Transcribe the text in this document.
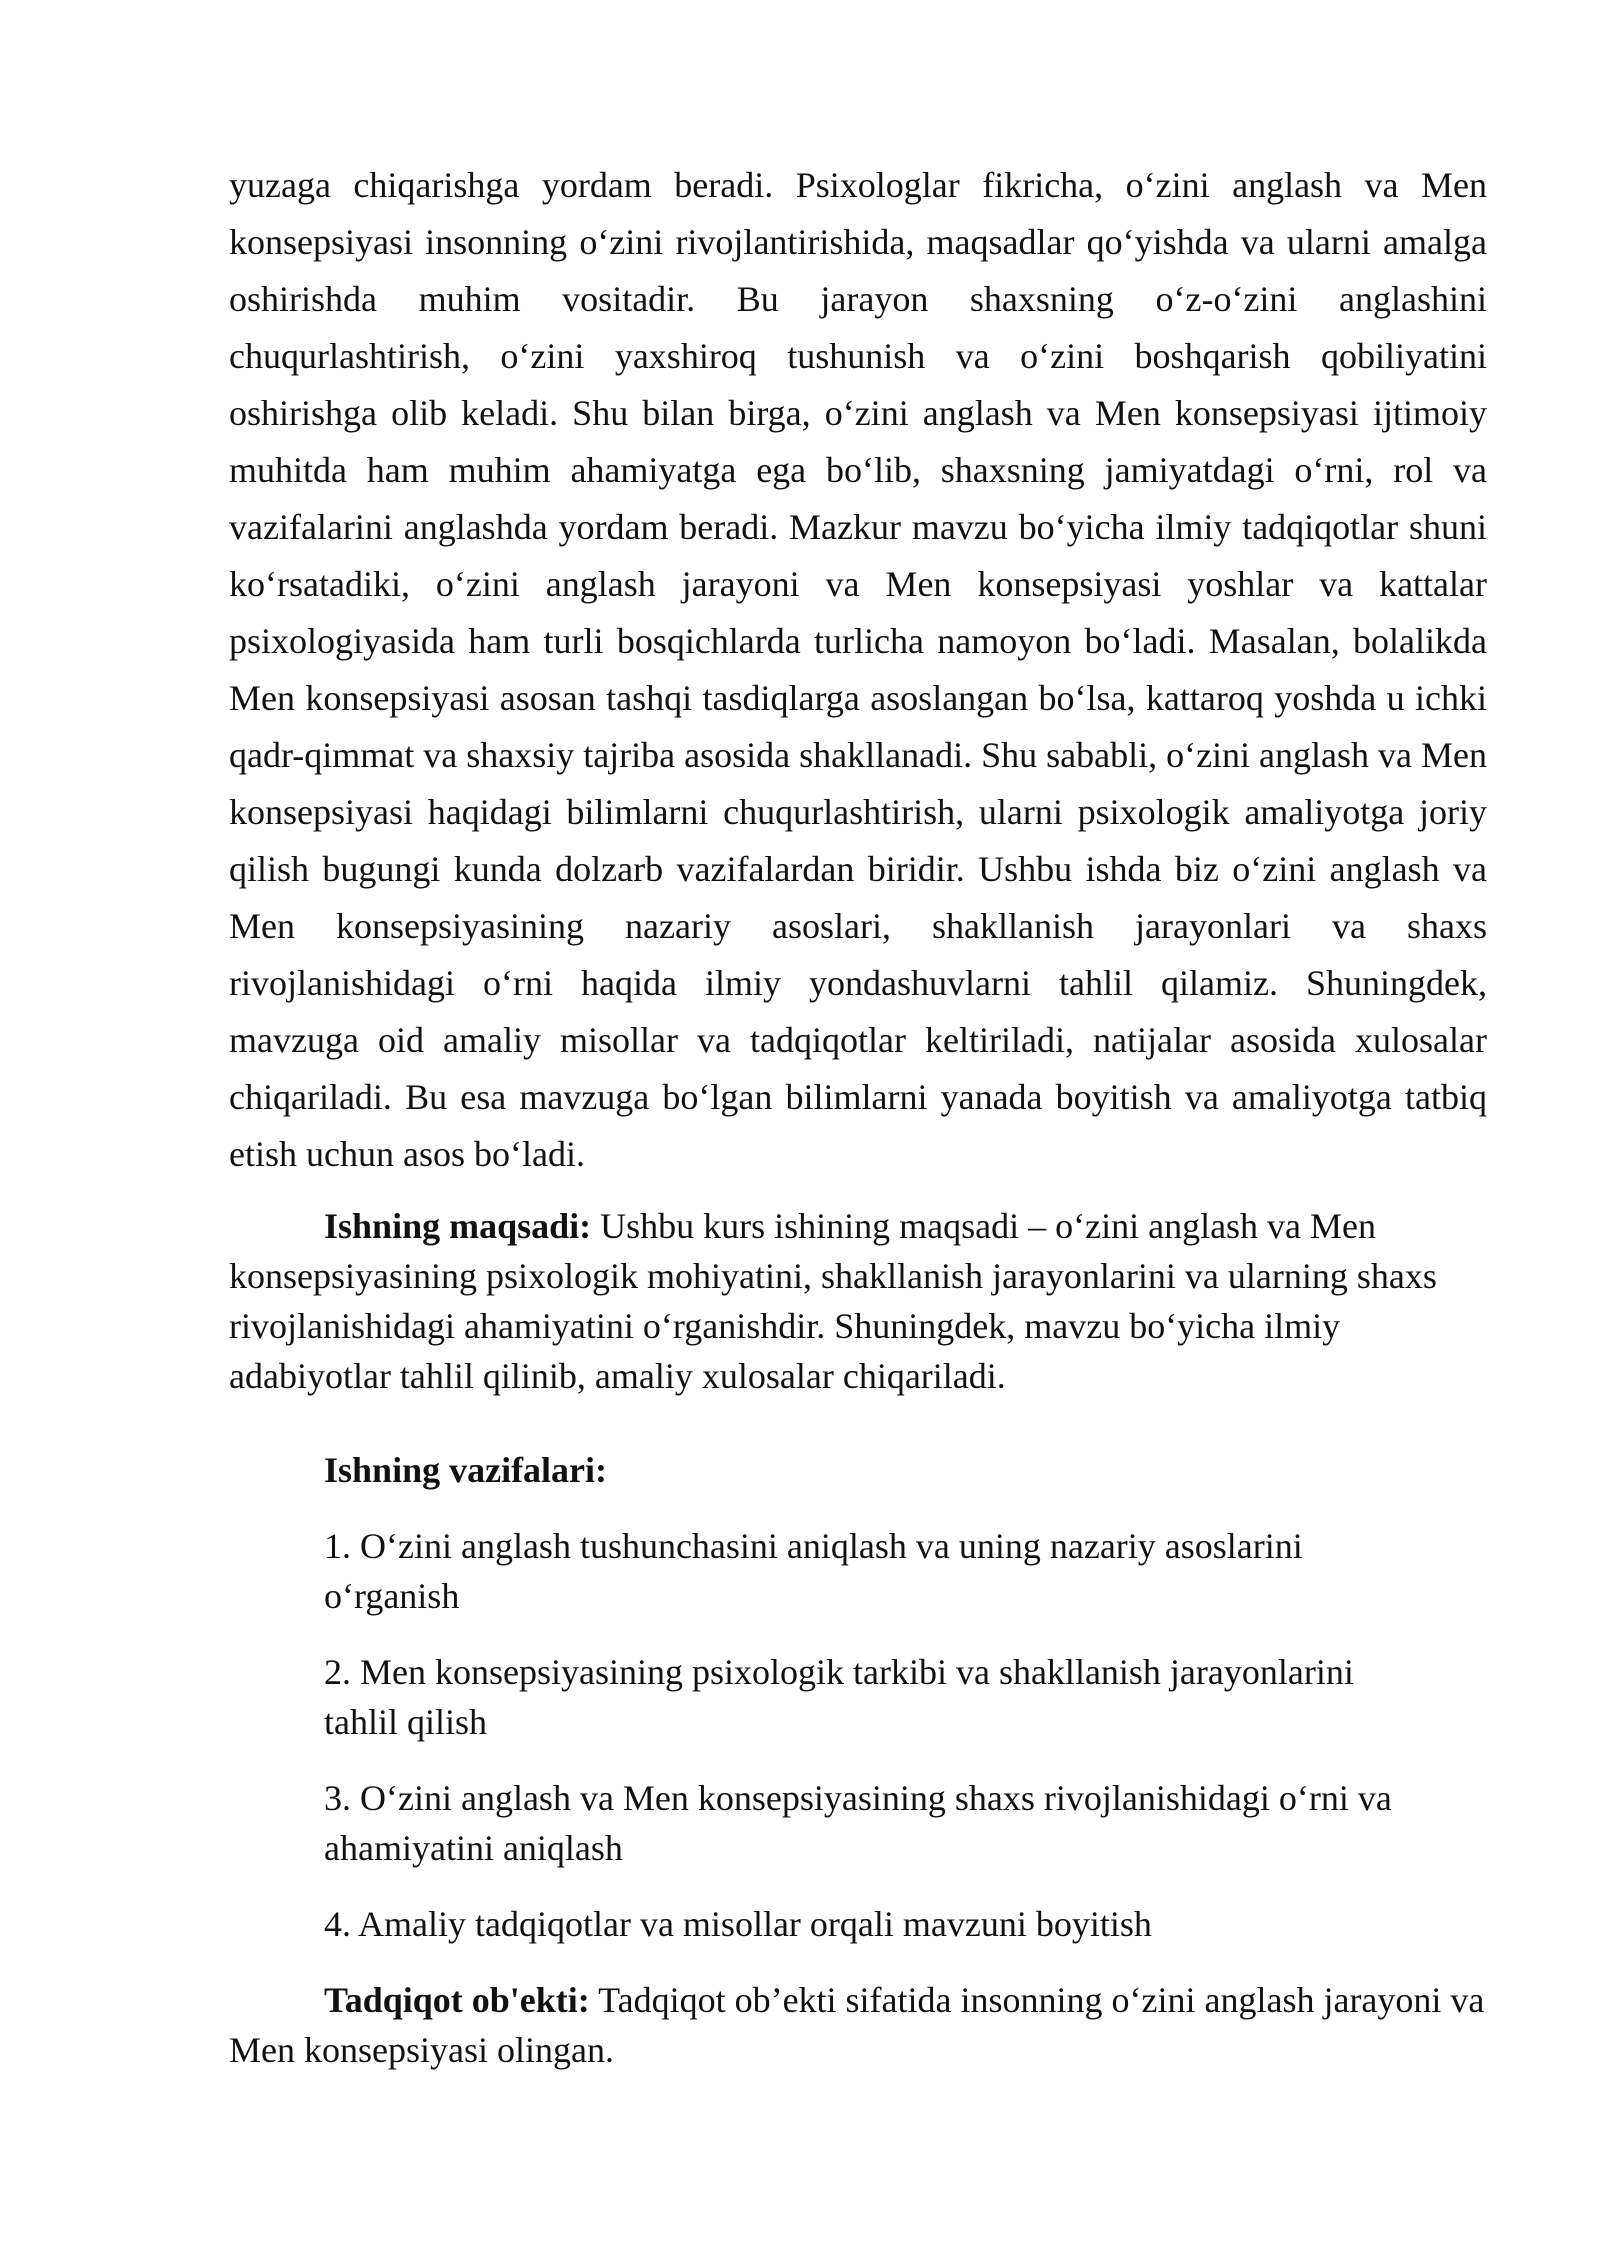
yuzaga chiqarishga yordam beradi. Psixologlar fikricha, o‘zini anglash va Men konsepsiyasi insonning o‘zini rivojlantirishida, maqsadlar qo‘yishda va ularni amalga oshirishda muhim vositadir. Bu jarayon shaxsning o‘z-o‘zini anglashini chuqurlashtirish, o‘zini yaxshiroq tushunish va o‘zini boshqarish qobiliyatini oshirishga olib keladi. Shu bilan birga, o‘zini anglash va Men konsepsiyasi ijtimoiy muhitda ham muhim ahamiyatga ega bo‘lib, shaxsning jamiyatdagi o‘rni, rol va vazifalarini anglashda yordam beradi. Mazkur mavzu bo‘yicha ilmiy tadqiqotlar shuni ko‘rsatadiki, o‘zini anglash jarayoni va Men konsepsiyasi yoshlar va kattalar psixologiyasida ham turli bosqichlarda turlicha namoyon bo‘ladi. Masalan, bolalikda Men konsepsiyasi asosan tashqi tasdiqlarga asoslangan bo‘lsa, kattaroq yoshda u ichki qadr-qimmat va shaxsiy tajriba asosida shakllanadi. Shu sababli, o‘zini anglash va Men konsepsiyasi haqidagi bilimlarni chuqurlashtirish, ularni psixologik amaliyotga joriy qilish bugungi kunda dolzarb vazifalardan biridir. Ushbu ishda biz o‘zini anglash va Men konsepsiyasining nazariy asoslari, shakllanish jarayonlari va shaxs rivojlanishidagi o‘rni haqida ilmiy yondashuvlarni tahlil qilamiz. Shuningdek, mavzuga oid amaliy misollar va tadqiqotlar keltiriladi, natijalar asosida xulosalar chiqariladi. Bu esa mavzuga bo‘lgan bilimlarni yanada boyitish va amaliyotga tatbiq etish uchun asos bo‘ladi.

Ishning maqsadi: Ushbu kurs ishining maqsadi – o‘zini anglash va Men konsepsiyasining psixologik mohiyatini, shakllanish jarayonlarini va ularning shaxs rivojlanishidagi ahamiyatini o‘rganishdir. Shuningdek, mavzu bo‘yicha ilmiy adabiyotlar tahlil qilinib, amaliy xulosalar chiqariladi.

Ishning vazifalari:
1. O‘zini anglash tushunchasini aniqlash va uning nazariy asoslarini o‘rganish
2. Men konsepsiyasining psixologik tarkibi va shakllanish jarayonlarini tahlil qilish
3. O‘zini anglash va Men konsepsiyasining shaxs rivojlanishidagi o‘rni va ahamiyatini aniqlash
4. Amaliy tadqiqotlar va misollar orqali mavzuni boyitish

Tadqiqot ob'ekti: Tadqiqot ob’ekti sifatida insonning o‘zini anglash jarayoni va Men konsepsiyasi olingan.
